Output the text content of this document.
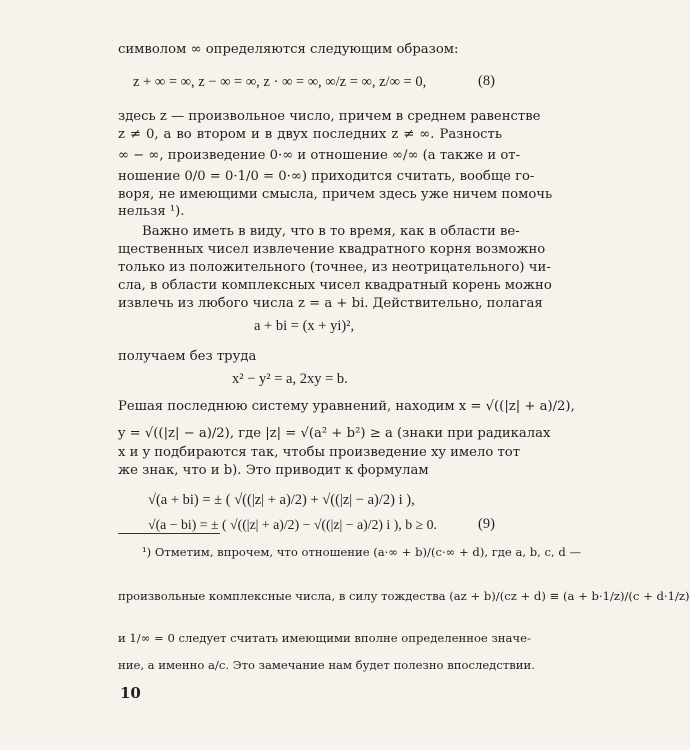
символом ∞ определяются следующим образом:
z + ∞ = ∞, z − ∞ = ∞, z · ∞ = ∞, ∞/z = ∞, z/∞ = 0,	(8)
здесь z — произвольное число, причем в среднем равенстве
z ≠ 0, а во втором и в двух последних z ≠ ∞. Разность
∞ − ∞, произведение 0·∞ и отношение ∞/∞ (а также и от-
ношение 0/0 = 0·1/0 = 0·∞) приходится считать, вообще го-
воря, не имеющими смысла, причем здесь уже ничем помочь
нельзя ¹).
Важно иметь в виду, что в то время, как в области ве-
щественных чисел извлечение квадратного корня возможно
только из положительного (точнее, из неотрицательного) чи-
сла, в области комплексных чисел квадратный корень можно
извлечь из любого числа z = a + bi. Действительно, полагая
a + bi = (x + yi)²,
получаем без труда
x² − y² = a, 2xy = b.
Решая последнюю систему уравнений, находим x = √((|z| + a)/2),
y = √((|z| − a)/2), где |z| = √(a² + b²) ≥ a (знаки при радикалах
x и y подбираются так, чтобы произведение xy имело тот
же знак, что и b). Это приводит к формулам
√(a + bi) = ± ( √((|z| + a)/2) + √((|z| − a)/2) i ),
√(a − bi) = ± ( √((|z| + a)/2) − √((|z| − a)/2) i ), b ≥ 0.	(9)
¹) Отметим, впрочем, что отношение (a·∞ + b)/(c·∞ + d), где a, b, c, d —
произвольные комплексные числа, в силу тождества (az + b)/(cz + d) ≡ (a + b·1/z)/(c + d·1/z)
и 1/∞ = 0 следует считать имеющими вполне определенное значе-
ние, а именно a/c. Это замечание нам будет полезно впоследствии.
10
